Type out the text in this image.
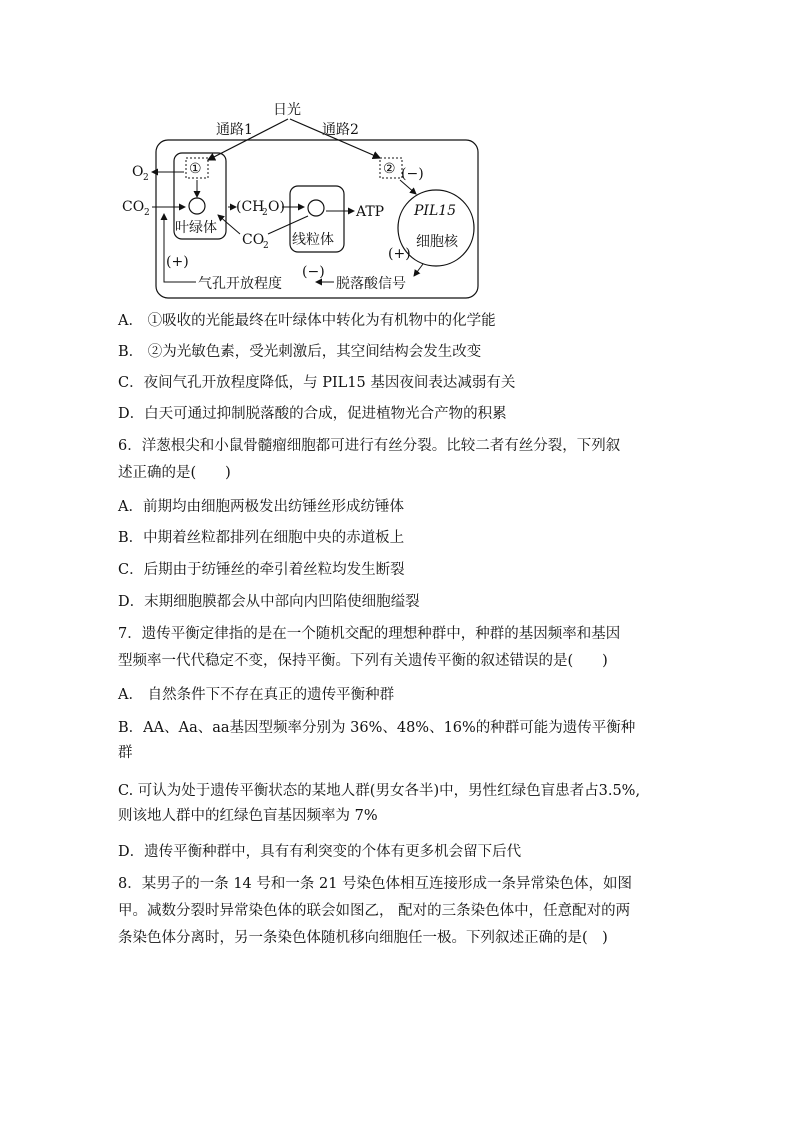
日光
通路1	通路2
①
叶绿体
O 2
CO 2	(CH
2 O)
线粒体
ATP
CO
2
② (−)
PIL15
细胞核
(+)
脱落酸信号
(−)
气孔开放程度
(+)
A． ①吸收的光能最终在叶绿体中转化为有机物中的化学能
B． ②为光敏色素，受光刺激后，其空间结构会发生改变
C．夜间气孔开放程度降低，与 PIL15 基因夜间表达减弱有关
D．白天可通过抑制脱落酸的合成，促进植物光合产物的积累
6．洋葱根尖和小鼠骨髓瘤细胞都可进行有丝分裂。比较二者有丝分裂，下列叙
述正确的是(　　)
A．前期均由细胞两极发出纺锤丝形成纺锤体
B．中期着丝粒都排列在细胞中央的赤道板上
C．后期由于纺锤丝的牵引着丝粒均发生断裂
D．末期细胞膜都会从中部向内凹陷使细胞缢裂
7．遗传平衡定律指的是在一个随机交配的理想种群中，种群的基因频率和基因
型频率一代代稳定不变，保持平衡。下列有关遗传平衡的叙述错误的是(　　)
A． 自然条件下不存在真正的遗传平衡种群
B．AA、Aa、aa基因型频率分别为 36%、48%、16%的种群可能为遗传平衡种
群
C. 可认为处于遗传平衡状态的某地人群(男女各半)中，男性红绿色盲患者占3.5%,
则该地人群中的红绿色盲基因频率为 7%
D．遗传平衡种群中，具有有利突变的个体有更多机会留下后代
8．某男子的一条 14 号和一条 21 号染色体相互连接形成一条异常染色体，如图
甲。减数分裂时异常染色体的联会如图乙， 配对的三条染色体中，任意配对的两
条染色体分离时，另一条染色体随机移向细胞任一极。下列叙述正确的是(　)
